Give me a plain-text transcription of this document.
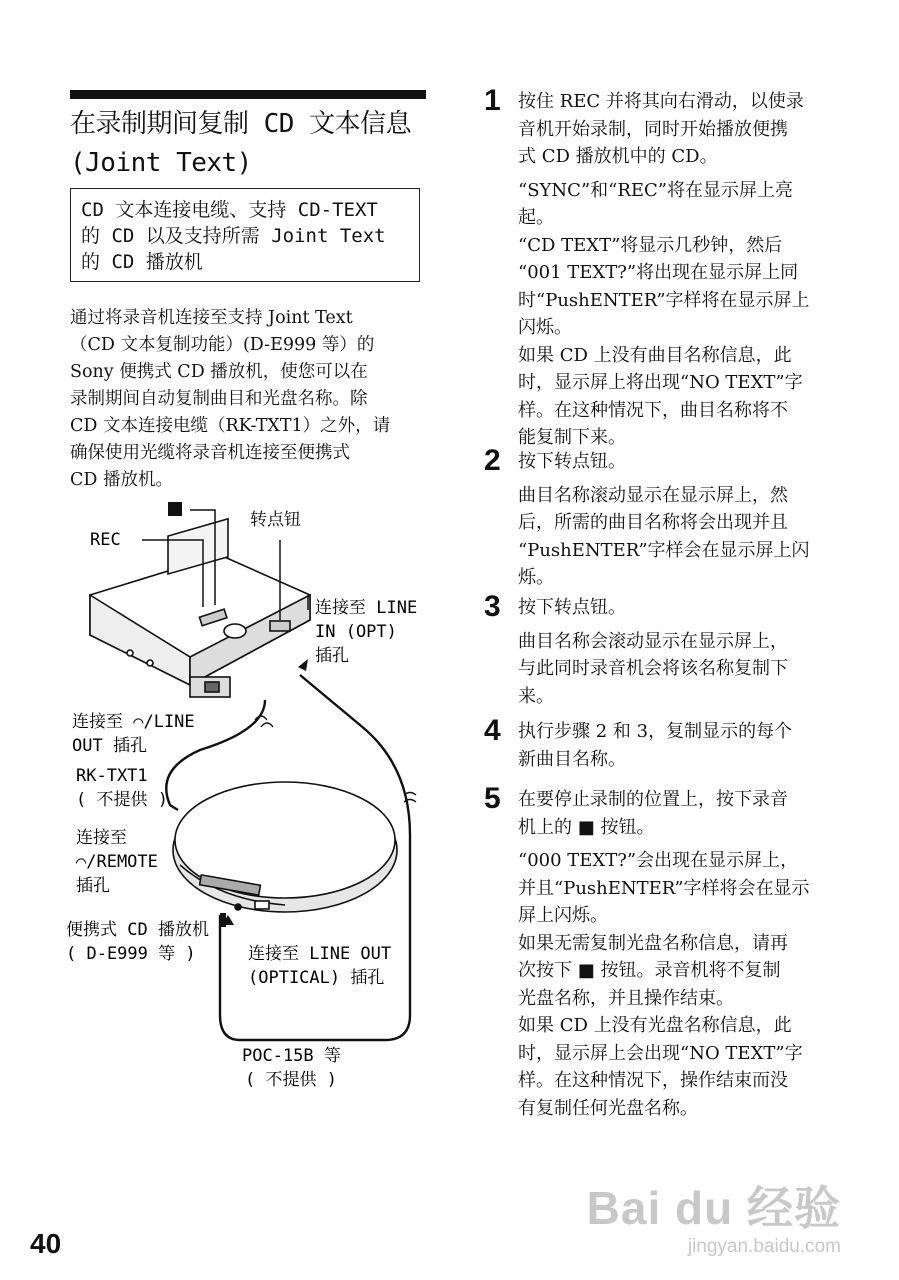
在录制期间复制 CD 文本信息
(Joint Text)
CD 文本连接电缆、支持 CD-TEXT
的 CD 以及支持所需 Joint Text
的 CD 播放机
通过将录音机连接至支持 Joint Text
（CD 文本复制功能）(D-E999 等）的
Sony 便携式 CD 播放机，使您可以在
录制期间自动复制曲目和光盘名称。除
CD 文本连接电缆（RK-TXT1）之外，请
确保使用光缆将录音机连接至便携式
CD 播放机。
REC
转点钮
连接至 LINE
IN (OPT)
插孔
连接至 ⌒/LINE
OUT 插孔
RK-TXT1
( 不提供 )
连接至
⌒/REMOTE
插孔
便携式 CD 播放机
( D-E999 等 )	连接至 LINE OUT
(OPTICAL) 插孔
POC-15B 等
( 不提供 )
1 按住 REC 并将其向右滑动，以使录
音机开始录制，同时开始播放便携
式 CD 播放机中的 CD。
“SYNC”和“REC”将在显示屏上亮
起。
“CD TEXT”将显示几秒钟，然后
“001 TEXT?”将出现在显示屏上同
时“PushENTER”字样将在显示屏上
闪烁。
如果 CD 上没有曲目名称信息，此
时，显示屏上将出现“NO TEXT”字
样。在这种情况下，曲目名称将不
能复制下来。
2 按下转点钮。
曲目名称滚动显示在显示屏上，然
后，所需的曲目名称将会出现并且
“PushENTER”字样会在显示屏上闪
烁。
3 按下转点钮。
曲目名称会滚动显示在显示屏上，
与此同时录音机会将该名称复制下
来。
4 执行步骤 2 和 3，复制显示的每个
新曲目名称。
5 在要停止录制的位置上，按下录音
机上的 ■ 按钮。
“000 TEXT?”会出现在显示屏上，
并且“PushENTER”字样将会在显示
屏上闪烁。
如果无需复制光盘名称信息，请再
次按下 ■ 按钮。录音机将不复制
光盘名称，并且操作结束。
如果 CD 上没有光盘名称信息，此
时，显示屏上会出现“NO TEXT”字
样。在这种情况下，操作结束而没
有复制任何光盘名称。
40
Bai du 经验
jingyan.baidu.com
